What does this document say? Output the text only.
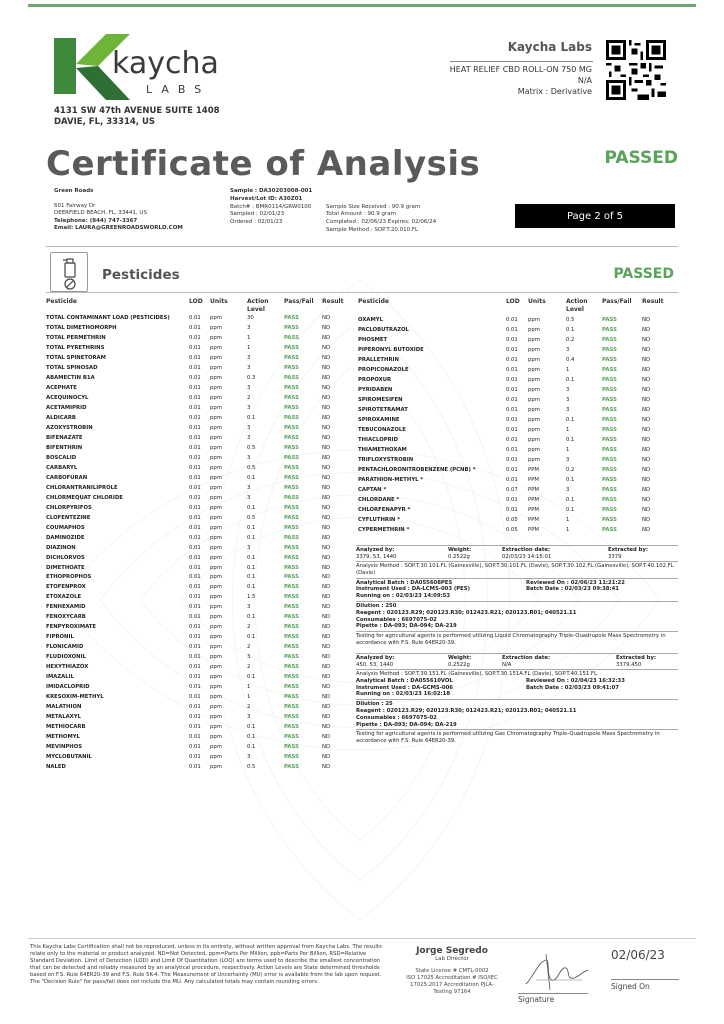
kaycha
LABS
4131 SW 47th AVENUE SUITE 1408
DAVIE, FL, 33314, US
Kaycha Labs
HEAT RELIEF CBD ROLL-ON 750 MG
N/A
Matrix : Derivative
Certificate of Analysis	PASSED
Green Roads
601 Fairway Dr
DEERFIELD BEACH, FL, 33441, US
Telephone: (844) 747-3367
Email: LAURA@GREENROADSWORLD.COM
Sample : DA30203008-001
Harvest/Lot ID: A30Z01
Batch# : BMR0114/GRW0100	Sample Size Received : 90.9 gram
Sampled : 02/01/23	Total Amount : 90.9 gram
Ordered : 02/01/23	Completed : 02/06/23 Expires: 02/06/24
Sample Method : SOP.T.20.010.FL
Page 2 of 5
Pesticides	PASSED
Pesticide	LOD Units	Action
Level
Pass/Fail Result Pesticide	LOD Units	Action
Level
Pass/Fail Result
TOTAL CONTAMINANT LOAD (PESTICIDES)	0.01 ppm	30	PASS	ND
TOTAL DIMETHOMORPH	0.01 ppm	3	PASS	ND
TOTAL PERMETHRIN	0.01 ppm	1	PASS	ND
TOTAL PYRETHRINS	0.01 ppm	1	PASS	ND
TOTAL SPINETORAM	0.01 ppm	3	PASS	ND
TOTAL SPINOSAD	0.01 ppm	3	PASS	ND
ABAMECTIN B1A	0.01 ppm	0.3	PASS	ND
ACEPHATE	0.01 ppm	3	PASS	ND
ACEQUINOCYL	0.01 ppm	2	PASS	ND
ACETAMIPRID	0.01 ppm	3	PASS	ND
ALDICARB	0.01 ppm	0.1	PASS	ND
AZOXYSTROBIN	0.01 ppm	3	PASS	ND
BIFENAZATE	0.01 ppm	3	PASS	ND
BIFENTHRIN	0.01 ppm	0.5	PASS	ND
BOSCALID	0.01 ppm	3	PASS	ND
CARBARYL	0.01 ppm	0.5	PASS	ND
CARBOFURAN	0.01 ppm	0.1	PASS	ND
CHLORANTRANILIPROLE	0.01 ppm	3	PASS	ND
CHLORMEQUAT CHLORIDE	0.01 ppm	3	PASS	ND
CHLORPYRIFOS	0.01 ppm	0.1	PASS	ND
CLOFENTEZINE	0.01 ppm	0.5	PASS	ND
COUMAPHOS	0.01 ppm	0.1	PASS	ND
DAMINOZIDE	0.01 ppm	0.1	PASS	ND
DIAZINON	0.01 ppm	3	PASS	ND
DICHLORVOS	0.01 ppm	0.1	PASS	ND
DIMETHOATE	0.01 ppm	0.1	PASS	ND
ETHOPROPHOS	0.01 ppm	0.1	PASS	ND
ETOFENPROX	0.01 ppm	0.1	PASS	ND
ETOXAZOLE	0.01 ppm	1.5	PASS	ND
FENHEXAMID	0.01 ppm	3	PASS	ND
FENOXYCARB	0.01 ppm	0.1	PASS	ND
FENPYROXIMATE	0.01 ppm	2	PASS	ND
FIPRONIL	0.01 ppm	0.1	PASS	ND
FLONICAMID	0.01 ppm	2	PASS	ND
FLUDIOXONIL	0.01 ppm	3	PASS	ND
HEXYTHIAZOX	0.01 ppm	2	PASS	ND
IMAZALIL	0.01 ppm	0.1	PASS	ND
IMIDACLOPRID	0.01 ppm	1	PASS	ND
KRESOXIM-METHYL	0.01 ppm	1	PASS	ND
MALATHION	0.01 ppm	2	PASS	ND
METALAXYL	0.01 ppm	3	PASS	ND
METHIOCARB	0.01 ppm	0.1	PASS	ND
METHOMYL	0.01 ppm	0.1	PASS	ND
MEVINPHOS	0.01 ppm	0.1	PASS	ND
MYCLOBUTANIL	0.01 ppm	3	PASS	ND
NALED	0.01 ppm	0.5	PASS	ND
OXAMYL	0.01 ppm	0.5	PASS	ND
PACLOBUTRAZOL	0.01 ppm	0.1	PASS	ND
PHOSMET	0.01 ppm	0.2	PASS	ND
PIPERONYL BUTOXIDE	0.01 ppm	3	PASS	ND
PRALLETHRIN	0.01 ppm	0.4	PASS	ND
PROPICONAZOLE	0.01 ppm	1	PASS	ND
PROPOXUR	0.01 ppm	0.1	PASS	ND
PYRIDABEN	0.01 ppm	3	PASS	ND
SPIROMESIFEN	0.01 ppm	3	PASS	ND
SPIROTETRAMAT	0.01 ppm	3	PASS	ND
SPIROXAMINE	0.01 ppm	0.1	PASS	ND
TEBUCONAZOLE	0.01 ppm	1	PASS	ND
THIACLOPRID	0.01 ppm	0.1	PASS	ND
THIAMETHOXAM	0.01 ppm	1	PASS	ND
TRIFLOXYSTROBIN	0.01 ppm	3	PASS	ND
PENTACHLORONITROBENZENE (PCNB) *	0.01 PPM	0.2	PASS	ND
PARATHION-METHYL *	0.01 PPM	0.1	PASS	ND
CAPTAN *	0.07 PPM	3	PASS	ND
CHLORDANE *	0.01 PPM	0.1	PASS	ND
CHLORFENAPYR *	0.01 PPM	0.1	PASS	ND
CYFLUTHRIN *	0.05 PPM	1	PASS	ND
CYPERMETHRIN *	0.05 PPM	1	PASS	ND
Analyzed by:
3379, 53, 1440
Weight:
0.2522g
Extraction date:
02/03/23 14:15:01
Extracted by:
3379
Analysis Method : SOP.T.30.101.FL (Gainesville), SOP.T.30.101.FL (Davie), SOP.T.30.102.FL (Gainesville), SOP.T.40.102.FL (Davie)
Analytical Batch : DA055608PES	Reviewed On : 02/06/23 11:21:22
Instrument Used : DA-LCMS-003 (PES)	Batch Date : 02/03/23 09:38:41
Running on : 02/03/23 14:09:53
Dilution : 250
Reagent : 020123.R29; 020123.R30; 012423.R21; 020123.R01; 040521.11
Consumables : 6697075-02
Pipette : DA-093; DA-094; DA-219
Testing for agricultural agents is performed utilizing Liquid Chromatography Triple-Quadrupole Mass Spectrometry in accordance with F.S. Rule 64ER20-39.
Analyzed by:
450, 53, 1440
Weight:
0.2522g
Extraction date:
N/A
Extracted by:
3379,450
Analysis Method : SOP.T.30.151.FL (Gainesville), SOP.T.30.151A.FL (Davie), SOP.T.40.151.FL
Analytical Batch : DA055610VOL	Reviewed On : 02/04/23 16:32:33
Instrument Used : DA-GCMS-006	Batch Date : 02/03/23 09:41:07
Running on : 02/03/23 16:02:18
Dilution : 25
Reagent : 020123.R29; 020123.R30; 012423.R21; 020123.R01; 040521.11
Consumables : 6697075-02
Pipette : DA-093; DA-094; DA-219
Testing for agricultural agents is performed utilizing Gas Chromatography Triple-Quadrupole Mass Spectrometry in accordance with F.S. Rule 64ER20-39.
This Kaycha Labs Certification shall not be reproduced, unless in its entirety, without written approval from Kaycha Labs. The results relate only to the material or product analyzed. ND=Not Detected, ppm=Parts Per Million, ppb=Parts Per Billion, RSD=Relative Standard Deviation. Limit of Detection (LOD) and Limit Of Quantitation (LOQ) are terms used to describe the smallest concentration that can be detected and reliably measured by an analytical procedure, respectively. Action Levels are State determined thresholds based on F.S. Rule 64ER20-39 and F.S. Rule 5K-4. The Measurement of Uncertainty (MU) error is available from the lab upon request. The "Decision Rule" for pass/fail does not include the MU. Any calculated totals may contain rounding errors.
Jorge Segredo
Lab Director
State License # CMTL-0002
ISO 17025 Accreditation # ISO/IEC
17025:2017 Accreditation PJLA-
Testing 97164
Signature
02/06/23
Signed On
